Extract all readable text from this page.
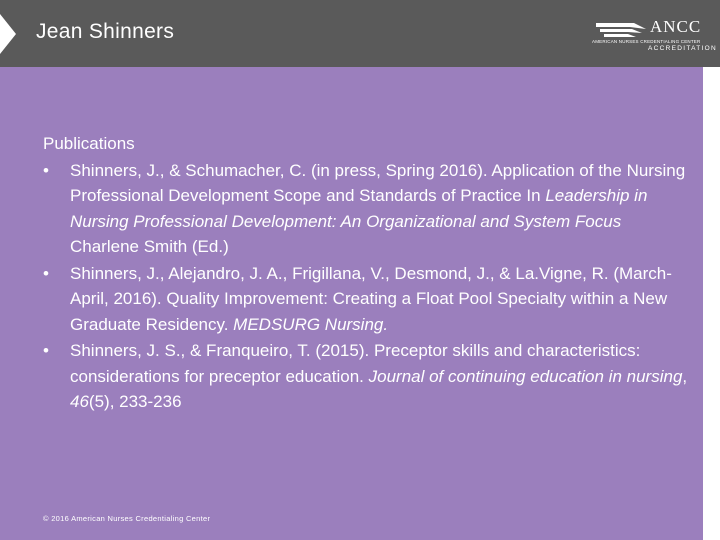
Jean Shinners	ANCC
AMERICAN NURSES CREDENTIALING CENTER
ACCREDITATION
Publications
• Shinners, J., & Schumacher, C. (in press, Spring 2016). Application of the Nursing Professional Development Scope and Standards of Practice In Leadership in Nursing Professional Development: An Organizational and System Focus Charlene Smith (Ed.)
• Shinners, J., Alejandro, J. A., Frigillana, V., Desmond, J., & La.Vigne, R. (March-April, 2016). Quality Improvement: Creating a Float Pool Specialty within a New Graduate Residency. MEDSURG Nursing.
• Shinners, J. S., & Franqueiro, T. (2015). Preceptor skills and characteristics: considerations for preceptor education. Journal of continuing education in nursing, 46(5), 233-236
© 2016 American Nurses Credentialing Center
